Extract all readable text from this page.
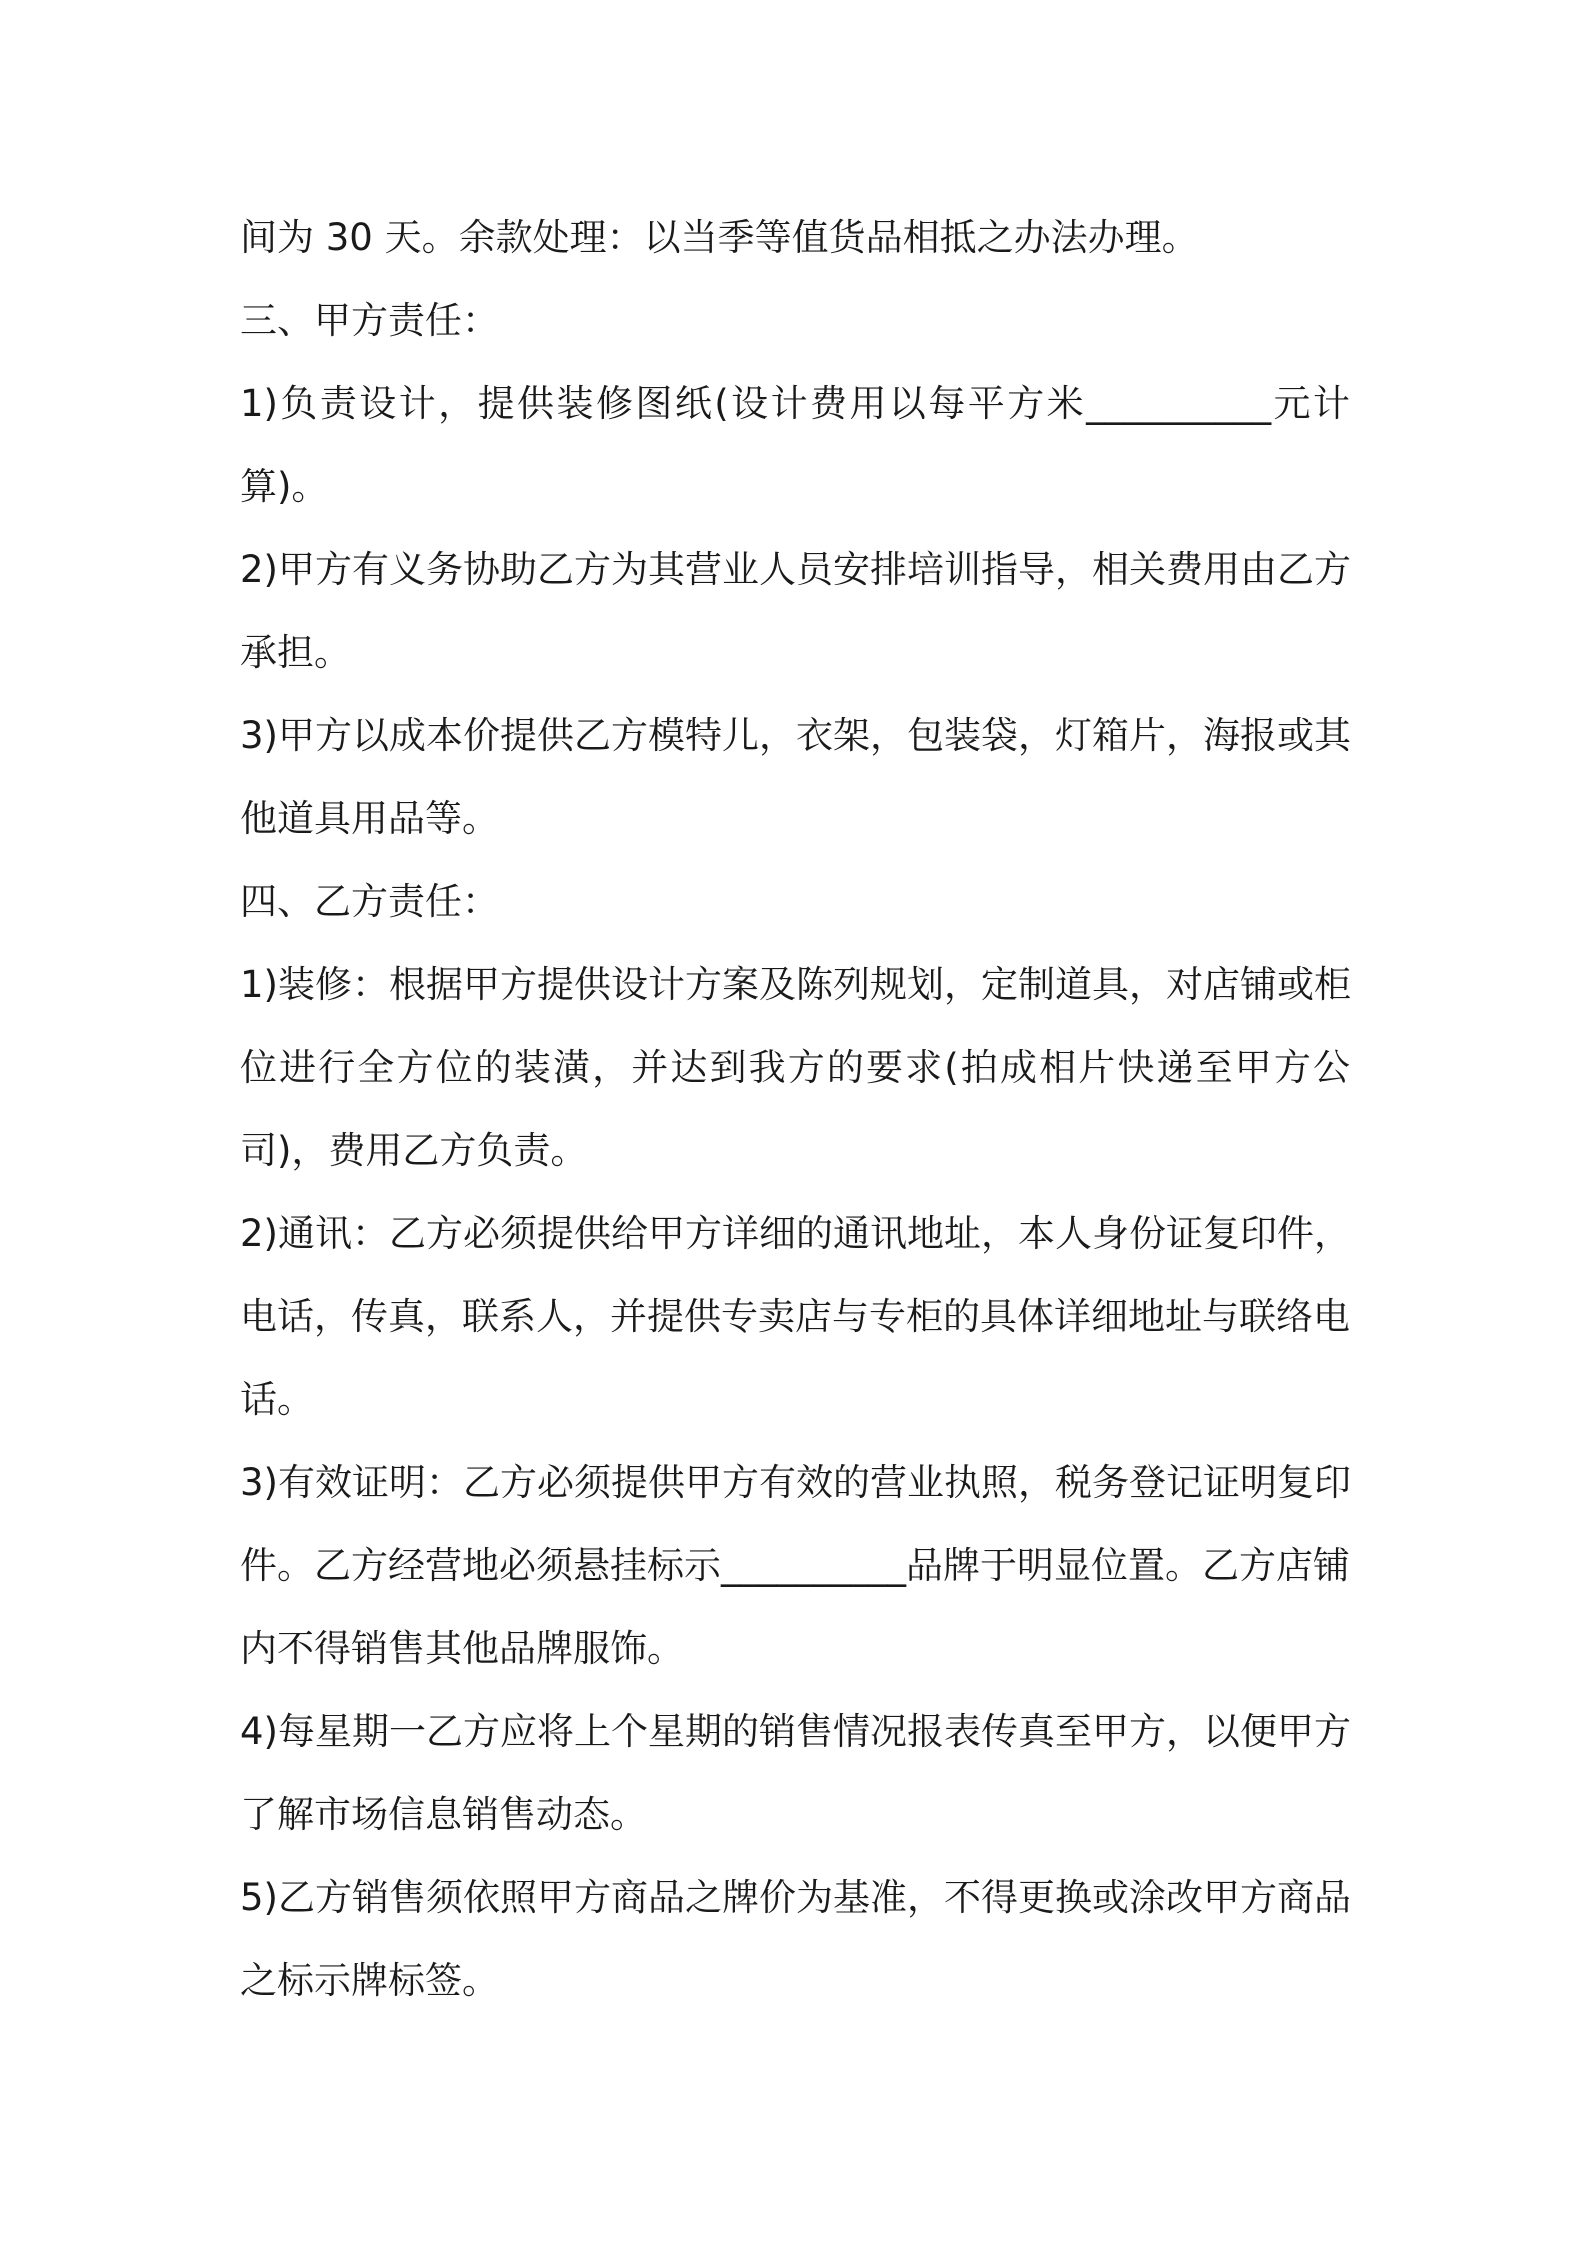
间为 30 天。余款处理：以当季等值货品相抵之办法办理。
三、甲方责任：
1)负责设计，提供装修图纸(设计费用以每平方米__________元计
算)。
2)甲方有义务协助乙方为其营业人员安排培训指导，相关费用由乙方
承担。
3)甲方以成本价提供乙方模特儿，衣架，包装袋，灯箱片，海报或其
他道具用品等。
四、乙方责任：
1)装修：根据甲方提供设计方案及陈列规划，定制道具，对店铺或柜
位进行全方位的装潢，并达到我方的要求(拍成相片快递至甲方公
司)，费用乙方负责。
2)通讯：乙方必须提供给甲方详细的通讯地址，本人身份证复印件，
电话，传真，联系人，并提供专卖店与专柜的具体详细地址与联络电
话。
3)有效证明：乙方必须提供甲方有效的营业执照，税务登记证明复印
件。乙方经营地必须悬挂标示__________品牌于明显位置。乙方店铺
内不得销售其他品牌服饰。
4)每星期一乙方应将上个星期的销售情况报表传真至甲方，以便甲方
了解市场信息销售动态。
5)乙方销售须依照甲方商品之牌价为基准，不得更换或涂改甲方商品
之标示牌标签。
